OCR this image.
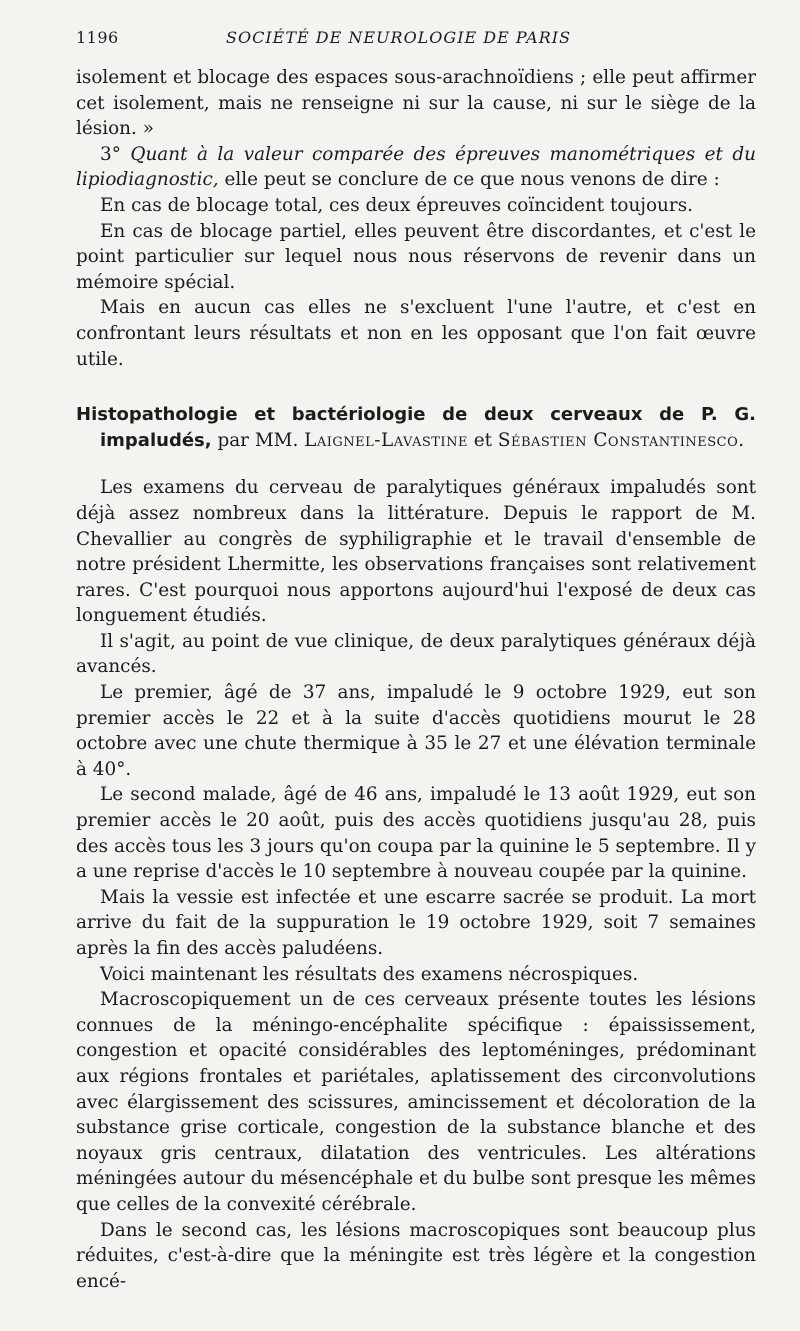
1196	SOCIÉTÉ DE NEUROLOGIE DE PARIS

isolement et blocage des espaces sous-arachnoïdiens ; elle peut affirmer cet isolement, mais ne renseigne ni sur la cause, ni sur le siège de la lésion. »

3° Quant à la valeur comparée des épreuves manométriques et du lipiodiagnostic, elle peut se conclure de ce que nous venons de dire :

En cas de blocage total, ces deux épreuves coïncident toujours.

En cas de blocage partiel, elles peuvent être discordantes, et c'est le point particulier sur lequel nous nous réservons de revenir dans un mémoire spécial.

Mais en aucun cas elles ne s'excluent l'une l'autre, et c'est en confrontant leurs résultats et non en les opposant que l'on fait œuvre utile.

Histopathologie et bactériologie de deux cerveaux de P. G. impaludés, par MM. Laignel-Lavastine et Sébastien Constantinesco.

Les examens du cerveau de paralytiques généraux impaludés sont déjà assez nombreux dans la littérature. Depuis le rapport de M. Chevallier au congrès de syphiligraphie et le travail d'ensemble de notre président Lhermitte, les observations françaises sont relativement rares. C'est pourquoi nous apportons aujourd'hui l'exposé de deux cas longuement étudiés.

Il s'agit, au point de vue clinique, de deux paralytiques généraux déjà avancés.

Le premier, âgé de 37 ans, impaludé le 9 octobre 1929, eut son premier accès le 22 et à la suite d'accès quotidiens mourut le 28 octobre avec une chute thermique à 35 le 27 et une élévation terminale à 40°.

Le second malade, âgé de 46 ans, impaludé le 13 août 1929, eut son premier accès le 20 août, puis des accès quotidiens jusqu'au 28, puis des accès tous les 3 jours qu'on coupa par la quinine le 5 septembre. Il y a une reprise d'accès le 10 septembre à nouveau coupée par la quinine.

Mais la vessie est infectée et une escarre sacrée se produit. La mort arrive du fait de la suppuration le 19 octobre 1929, soit 7 semaines après la fin des accès paludéens.

Voici maintenant les résultats des examens nécrospiques.

Macroscopiquement un de ces cerveaux présente toutes les lésions connues de la méningo-encéphalite spécifique : épaississement, congestion et opacité considérables des leptoméninges, prédominant aux régions frontales et pariétales, aplatissement des circonvolutions avec élargissement des scissures, amincissement et décoloration de la substance grise corticale, congestion de la substance blanche et des noyaux gris centraux, dilatation des ventricules. Les altérations méningées autour du mésencéphale et du bulbe sont presque les mêmes que celles de la convexité cérébrale.

Dans le second cas, les lésions macroscopiques sont beaucoup plus réduites, c'est-à-dire que la méningite est très légère et la congestion encé-
